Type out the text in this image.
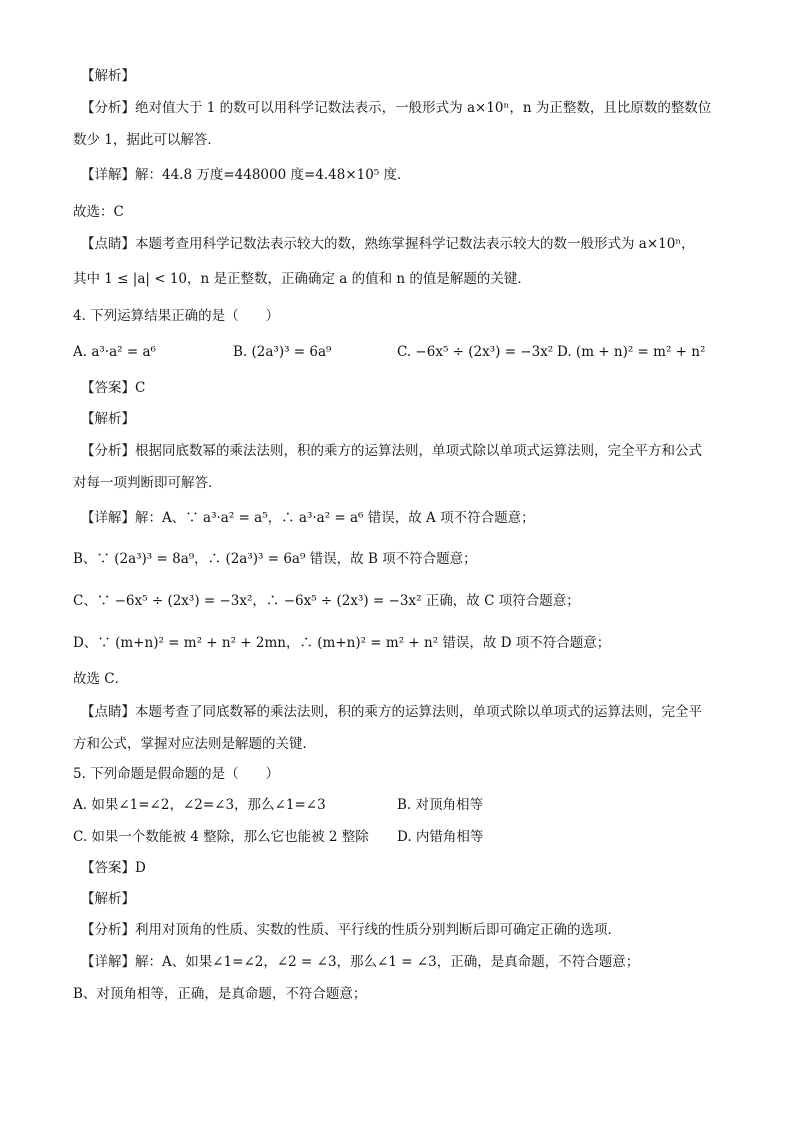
【解析】
【分析】绝对值大于 1 的数可以用科学记数法表示，一般形式为 a×10ⁿ，n 为正整数，且比原数的整数位
数少 1，据此可以解答．
【详解】解：44.8 万度=448000 度=4.48×10⁵ 度．
故选：C
【点睛】本题考查用科学记数法表示较大的数，熟练掌握科学记数法表示较大的数一般形式为 a×10ⁿ，
其中 1 ≤ |a| < 10，n 是正整数，正确确定 a 的值和 n 的值是解题的关键．
4. 下列运算结果正确的是（　　）
A. a³·a² = a⁶	B. (2a³)³ = 6a⁹	C. −6x⁵ ÷ (2x³) = −3x² D. (m + n)² = m² + n²
【答案】C
【解析】
【分析】根据同底数幂的乘法法则，积的乘方的运算法则，单项式除以单项式运算法则，完全平方和公式
对每一项判断即可解答．
【详解】解：A、∵ a³·a² = a⁵，∴ a³·a² = a⁶ 错误，故 A 项不符合题意；
B、∵ (2a³)³ = 8a⁹，∴ (2a³)³ = 6a⁹ 错误，故 B 项不符合题意；
C、∵ −6x⁵ ÷ (2x³) = −3x²，∴ −6x⁵ ÷ (2x³) = −3x² 正确，故 C 项符合题意；
D、∵ (m+n)² = m² + n² + 2mn，∴ (m+n)² = m² + n² 错误，故 D 项不符合题意；
故选 C．
【点睛】本题考查了同底数幂的乘法法则，积的乘方的运算法则，单项式除以单项式的运算法则，完全平
方和公式，掌握对应法则是解题的关键．
5. 下列命题是假命题的是（　　）
A. 如果∠1=∠2，∠2=∠3，那么∠1=∠3	B. 对顶角相等
C. 如果一个数能被 4 整除，那么它也能被 2 整除 D. 内错角相等
【答案】D
【解析】
【分析】利用对顶角的性质、实数的性质、平行线的性质分别判断后即可确定正确的选项．
【详解】解：A、如果∠1=∠2，∠2 = ∠3，那么∠1 = ∠3，正确，是真命题，不符合题意；
B、对顶角相等，正确，是真命题，不符合题意；
